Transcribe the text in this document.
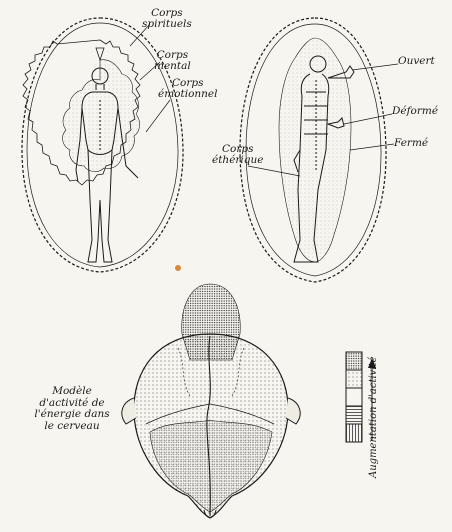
Corps
spirituels
Corps
mental
Corps
émotionnel
Ouvert
Déformé
Fermé
Corps
éthérique
Modèle
d'activité de
l'énergie dans
le cerveau	Augmentation d'activité
